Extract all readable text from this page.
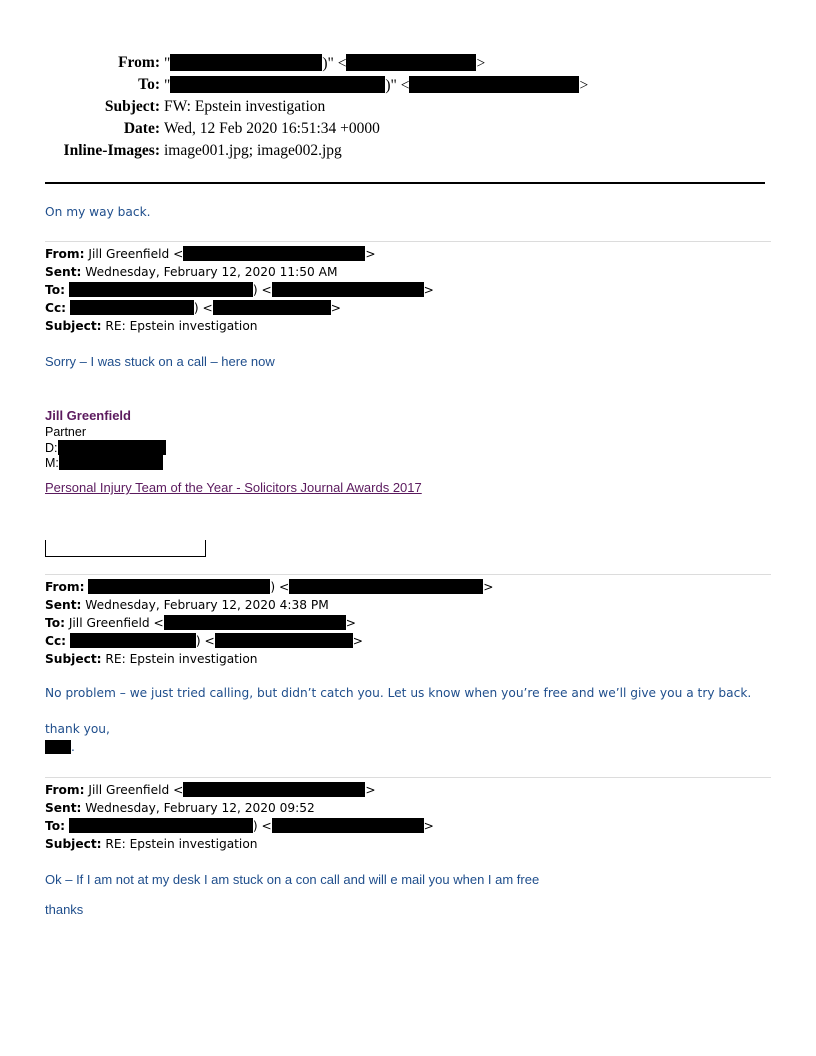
From: "	)" <	>
To: "	)" <	>
Subject: FW: Epstein investigation
Date: Wed, 12 Feb 2020 16:51:34 +0000
Inline-Images: image001.jpg; image002.jpg
On my way back.
From: Jill Greenfield <	>
Sent: Wednesday, February 12, 2020 11:50 AM
To:	) <	>
Cc:	) <	>
Subject: RE: Epstein investigation
Sorry – I was stuck on a call – here now
Jill Greenfield
Partner
D:
M:
Personal Injury Team of the Year - Solicitors Journal Awards 2017
From:	) <	>
Sent: Wednesday, February 12, 2020 4:38 PM
To: Jill Greenfield <	>
Cc:	) <	>
Subject: RE: Epstein investigation
No problem – we just tried calling, but didn’t catch you. Let us know when you’re free and we’ll give you a try back.
thank you,
.
From: Jill Greenfield <	>
Sent: Wednesday, February 12, 2020 09:52
To:	) <	>
Subject: RE: Epstein investigation
Ok – If I am not at my desk I am stuck on a con call and will e mail you when I am free
thanks
